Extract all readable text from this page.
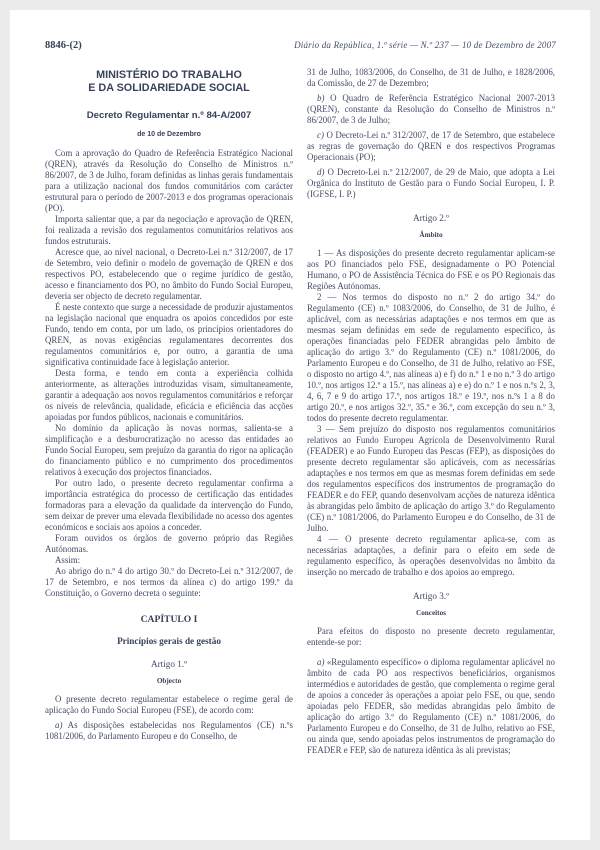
8846-(2)	Diário da República, 1.ª série — N.º 237 — 10 de Dezembro de 2007
MINISTÉRIO DO TRABALHO
E DA SOLIDARIEDADE SOCIAL
Decreto Regulamentar n.º 84-A/2007
de 10 de Dezembro

Com a aprovação do Quadro de Referência Estratégico Nacional (QREN), através da Resolução do Conselho de Ministros n.º 86/2007, de 3 de Julho, foram definidas as linhas gerais fundamentais para a utilização nacional dos fundos comunitários com carácter estrutural para o período de 2007-2013 e dos programas operacionais (PO).

Importa salientar que, a par da negociação e aprovação de QREN, foi realizada a revisão dos regulamentos comunitários relativos aos fundos estruturais.

Acresce que, ao nível nacional, o Decreto-Lei n.º 312/2007, de 17 de Setembro, veio definir o modelo de governação de QREN e dos respectivos PO, estabelecendo que o regime jurídico de gestão, acesso e financiamento dos PO, no âmbito do Fundo Social Europeu, deveria ser objecto de decreto regulamentar.

É neste contexto que surge a necessidade de produzir ajustamentos na legislação nacional que enquadra os apoios concedidos por este Fundo, tendo em conta, por um lado, os princípios orientadores do QREN, as novas exigências regulamentares decorrentes dos regulamentos comunitários e, por outro, a garantia de uma significativa continuidade face à legislação anterior.

Desta forma, e tendo em conta a experiência colhida anteriormente, as alterações introduzidas visam, simultaneamente, garantir a adequação aos novos regulamentos comunitários e reforçar os níveis de relevância, qualidade, eficácia e eficiência das acções apoiadas por fundos públicos, nacionais e comunitários.

No domínio da aplicação às novas normas, salienta-se a simplificação e a desburocratização no acesso das entidades ao Fundo Social Europeu, sem prejuízo da garantia do rigor na aplicação do financiamento público e no cumprimento dos procedimentos relativos à execução dos projectos financiados.

Por outro lado, o presente decreto regulamentar confirma a importância estratégica do processo de certificação das entidades formadoras para a elevação da qualidade da intervenção do Fundo, sem deixar de prever uma elevada flexibilidade no acesso dos agentes económicos e sociais aos apoios a conceder.

Foram ouvidos os órgãos de governo próprio das Regiões Autónomas.

Assim:

Ao abrigo do n.º 4 do artigo 30.º do Decreto-Lei n.º 312/2007, de 17 de Setembro, e nos termos da alínea c) do artigo 199.º da Constituição, o Governo decreta o seguinte:

CAPÍTULO I
Princípios gerais de gestão
Artigo 1.º
Objecto

O presente decreto regulamentar estabelece o regime geral de aplicação do Fundo Social Europeu (FSE), de acordo com:

a) As disposições estabelecidas nos Regulamentos (CE) n.ºs 1081/2006, do Parlamento Europeu e do Conselho, de

31 de Julho, 1083/2006, do Conselho, de 31 de Julho, e 1828/2006, da Comissão, de 27 de Dezembro;

b) O Quadro de Referência Estratégico Nacional 2007-2013 (QREN), constante da Resolução do Conselho de Ministros n.º 86/2007, de 3 de Julho;

c) O Decreto-Lei n.º 312/2007, de 17 de Setembro, que estabelece as regras de governação do QREN e dos respectivos Programas Operacionais (PO);

d) O Decreto-Lei n.º 212/2007, de 29 de Maio, que adopta a Lei Orgânica do Instituto de Gestão para o Fundo Social Europeu, I. P. (IGFSE, I. P.)

Artigo 2.º
Âmbito

1 — As disposições do presente decreto regulamentar aplicam-se aos PO financiados pelo FSE, designadamente o PO Potencial Humano, o PO de Assistência Técnica do FSE e os PO Regionais das Regiões Autónomas.

2 — Nos termos do disposto no n.º 2 do artigo 34.º do Regulamento (CE) n.º 1083/2006, do Conselho, de 31 de Julho, é aplicável, com as necessárias adaptações e nos termos em que as mesmas sejam definidas em sede de regulamento específico, às operações financiadas pelo FEDER abrangidas pelo âmbito de aplicação do artigo 3.º do Regulamento (CE) n.º 1081/2006, do Parlamento Europeu e do Conselho, de 31 de Julho, relativo ao FSE, o disposto no artigo 4.º, nas alíneas a) e f) do n.º 1 e no n.º 3 do artigo 10.º, nos artigos 12.º a 15.º, nas alíneas a) e e) do n.º 1 e nos n.ºs 2, 3, 4, 6, 7 e 9 do artigo 17.º, nos artigos 18.º e 19.º, nos n.ºs 1 a 8 do artigo 20.º, e nos artigos 32.º, 35.º e 36.º, com excepção do seu n.º 3, todos do presente decreto regulamentar.

3 — Sem prejuízo do disposto nos regulamentos comunitários relativos ao Fundo Europeu Agrícola de Desenvolvimento Rural (FEADER) e ao Fundo Europeu das Pescas (FEP), as disposições do presente decreto regulamentar são aplicáveis, com as necessárias adaptações e nos termos em que as mesmas forem definidas em sede dos regulamentos específicos dos instrumentos de programação do FEADER e do FEP, quando desenvolvam acções de natureza idêntica às abrangidas pelo âmbito de aplicação do artigo 3.º do Regulamento (CE) n.º 1081/2006, do Parlamento Europeu e do Conselho, de 31 de Julho.

4 — O presente decreto regulamentar aplica-se, com as necessárias adaptações, a definir para o efeito em sede de regulamento específico, às operações desenvolvidas no âmbito da inserção no mercado de trabalho e dos apoios ao emprego.

Artigo 3.º
Conceitos

Para efeitos do disposto no presente decreto regulamentar, entende-se por:

a) «Regulamento específico» o diploma regulamentar aplicável no âmbito de cada PO aos respectivos beneficiários, organismos intermédios e autoridades de gestão, que complementa o regime geral de apoios a conceder às operações a apoiar pelo FSE, ou que, sendo apoiadas pelo FEDER, são medidas abrangidas pelo âmbito de aplicação do artigo 3.º do Regulamento (CE) n.º 1081/2006, do Parlamento Europeu e do Conselho, de 31 de Julho, relativo ao FSE, ou ainda que, sendo apoiadas pelos instrumentos de programação do FEADER e FEP, são de natureza idêntica às ali previstas;
